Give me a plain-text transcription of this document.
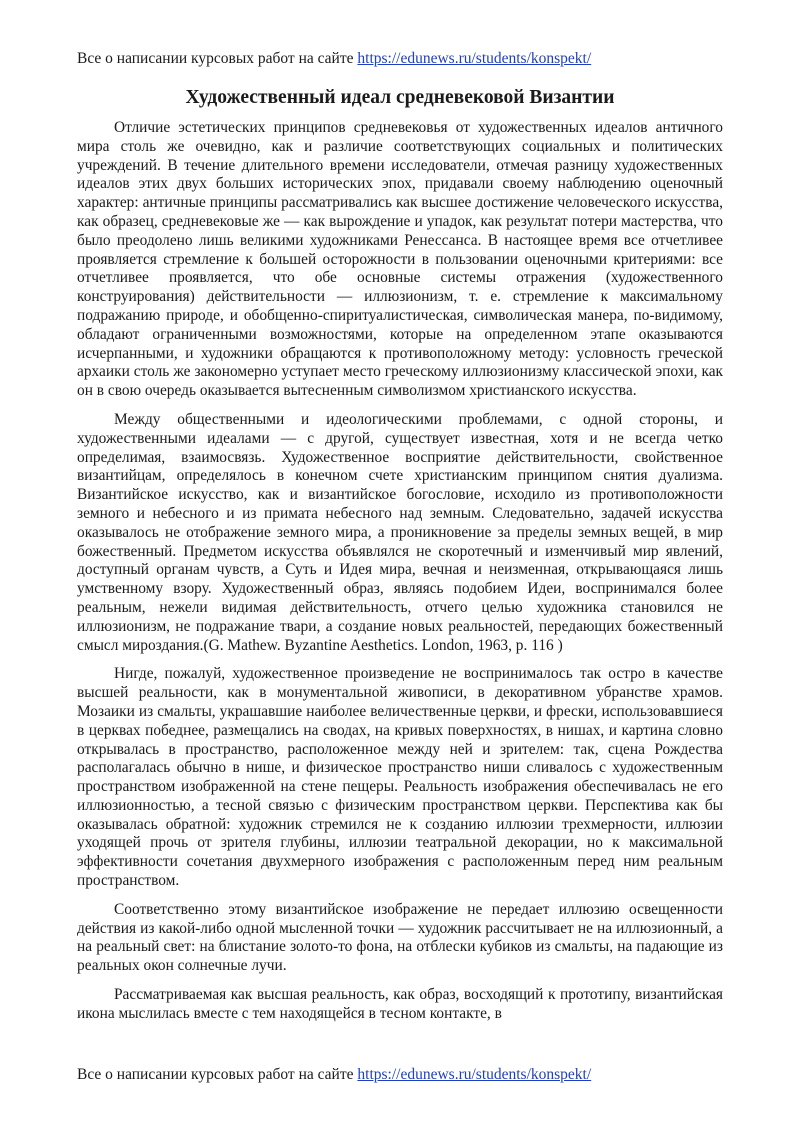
Все о написании курсовых работ на сайте https://edunews.ru/students/konspekt/
Художественный идеал средневековой Византии

Отличие эстетических принципов средневековья от художественных идеалов античного мира столь же очевидно, как и различие соответствующих социальных и политических учреждений. В течение длительного времени исследователи, отмечая разницу художественных идеалов этих двух больших исторических эпох, придавали своему наблюдению оценочный характер: античные принципы рассматривались как высшее достижение человеческого искусства, как образец, средневековые же — как вырождение и упадок, как результат потери мастерства, что было преодолено лишь великими художниками Ренессанса. В настоящее время все отчетливее проявляется стремление к большей осторожности в пользовании оценочными критериями: все отчетливее проявляется, что обе основные системы отражения (художественного конструирования) действительности — иллюзионизм, т. е. стремление к максимальному подражанию природе, и обобщенно-спиритуалистическая, символическая манера, по-видимому, обладают ограниченными возможностями, которые на определенном этапе оказываются исчерпанными, и художники обращаются к противоположному методу: условность греческой архаики столь же закономерно уступает место греческому иллюзионизму классической эпохи, как он в свою очередь оказывается вытесненным символизмом христианского искусства.

Между общественными и идеологическими проблемами, с одной стороны, и художественными идеалами — с другой, существует известная, хотя и не всегда четко определимая, взаимосвязь. Художественное восприятие действительности, свойственное византийцам, определялось в конечном счете христианским принципом снятия дуализма. Византийское искусство, как и византийское богословие, исходило из противоположности земного и небесного и из примата небесного над земным. Следовательно, задачей искусства оказывалось не отображение земного мира, а проникновение за пределы земных вещей, в мир божественный. Предметом искусства объявлялся не скоротечный и изменчивый мир явлений, доступный органам чувств, а Суть и Идея мира, вечная и неизменная, открывающаяся лишь умственному взору. Художественный образ, являясь подобием Идеи, воспринимался более реальным, нежели видимая действительность, отчего целью художника становился не иллюзионизм, не подражание твари, а создание новых реальностей, передающих божественный смысл мироздания.(G. Mathew. Byzantine Aesthetics. London, 1963, p. 116 )

Нигде, пожалуй, художественное произведение не воспринималось так остро в качестве высшей реальности, как в монументальной живописи, в декоративном убранстве храмов. Мозаики из смальты, украшавшие наиболее величественные церкви, и фрески, использовавшиеся в церквах победнее, размещались на сводах, на кривых поверхностях, в нишах, и картина словно открывалась в пространство, расположенное между ней и зрителем: так, сцена Рождества располагалась обычно в нише, и физическое пространство ниши сливалось с художественным пространством изображенной на стене пещеры. Реальность изображения обеспечивалась не его иллюзионностью, а тесной связью с физическим пространством церкви. Перспектива как бы оказывалась обратной: художник стремился не к созданию иллюзии трехмерности, иллюзии уходящей прочь от зрителя глубины, иллюзии театральной декорации, но к максимальной эффективности сочетания двухмерного изображения с расположенным перед ним реальным пространством.

Соответственно этому византийское изображение не передает иллюзию освещенности действия из какой-либо одной мысленной точки — художник рассчитывает не на иллюзионный, а на реальный свет: на блистание золото-то фона, на отблески кубиков из смальты, на падающие из реальных окон солнечные лучи.

Рассматриваемая как высшая реальность, как образ, восходящий к прототипу, византийская икона мыслилась вместе с тем находящейся в тесном контакте, в

Все о написании курсовых работ на сайте https://edunews.ru/students/konspekt/
